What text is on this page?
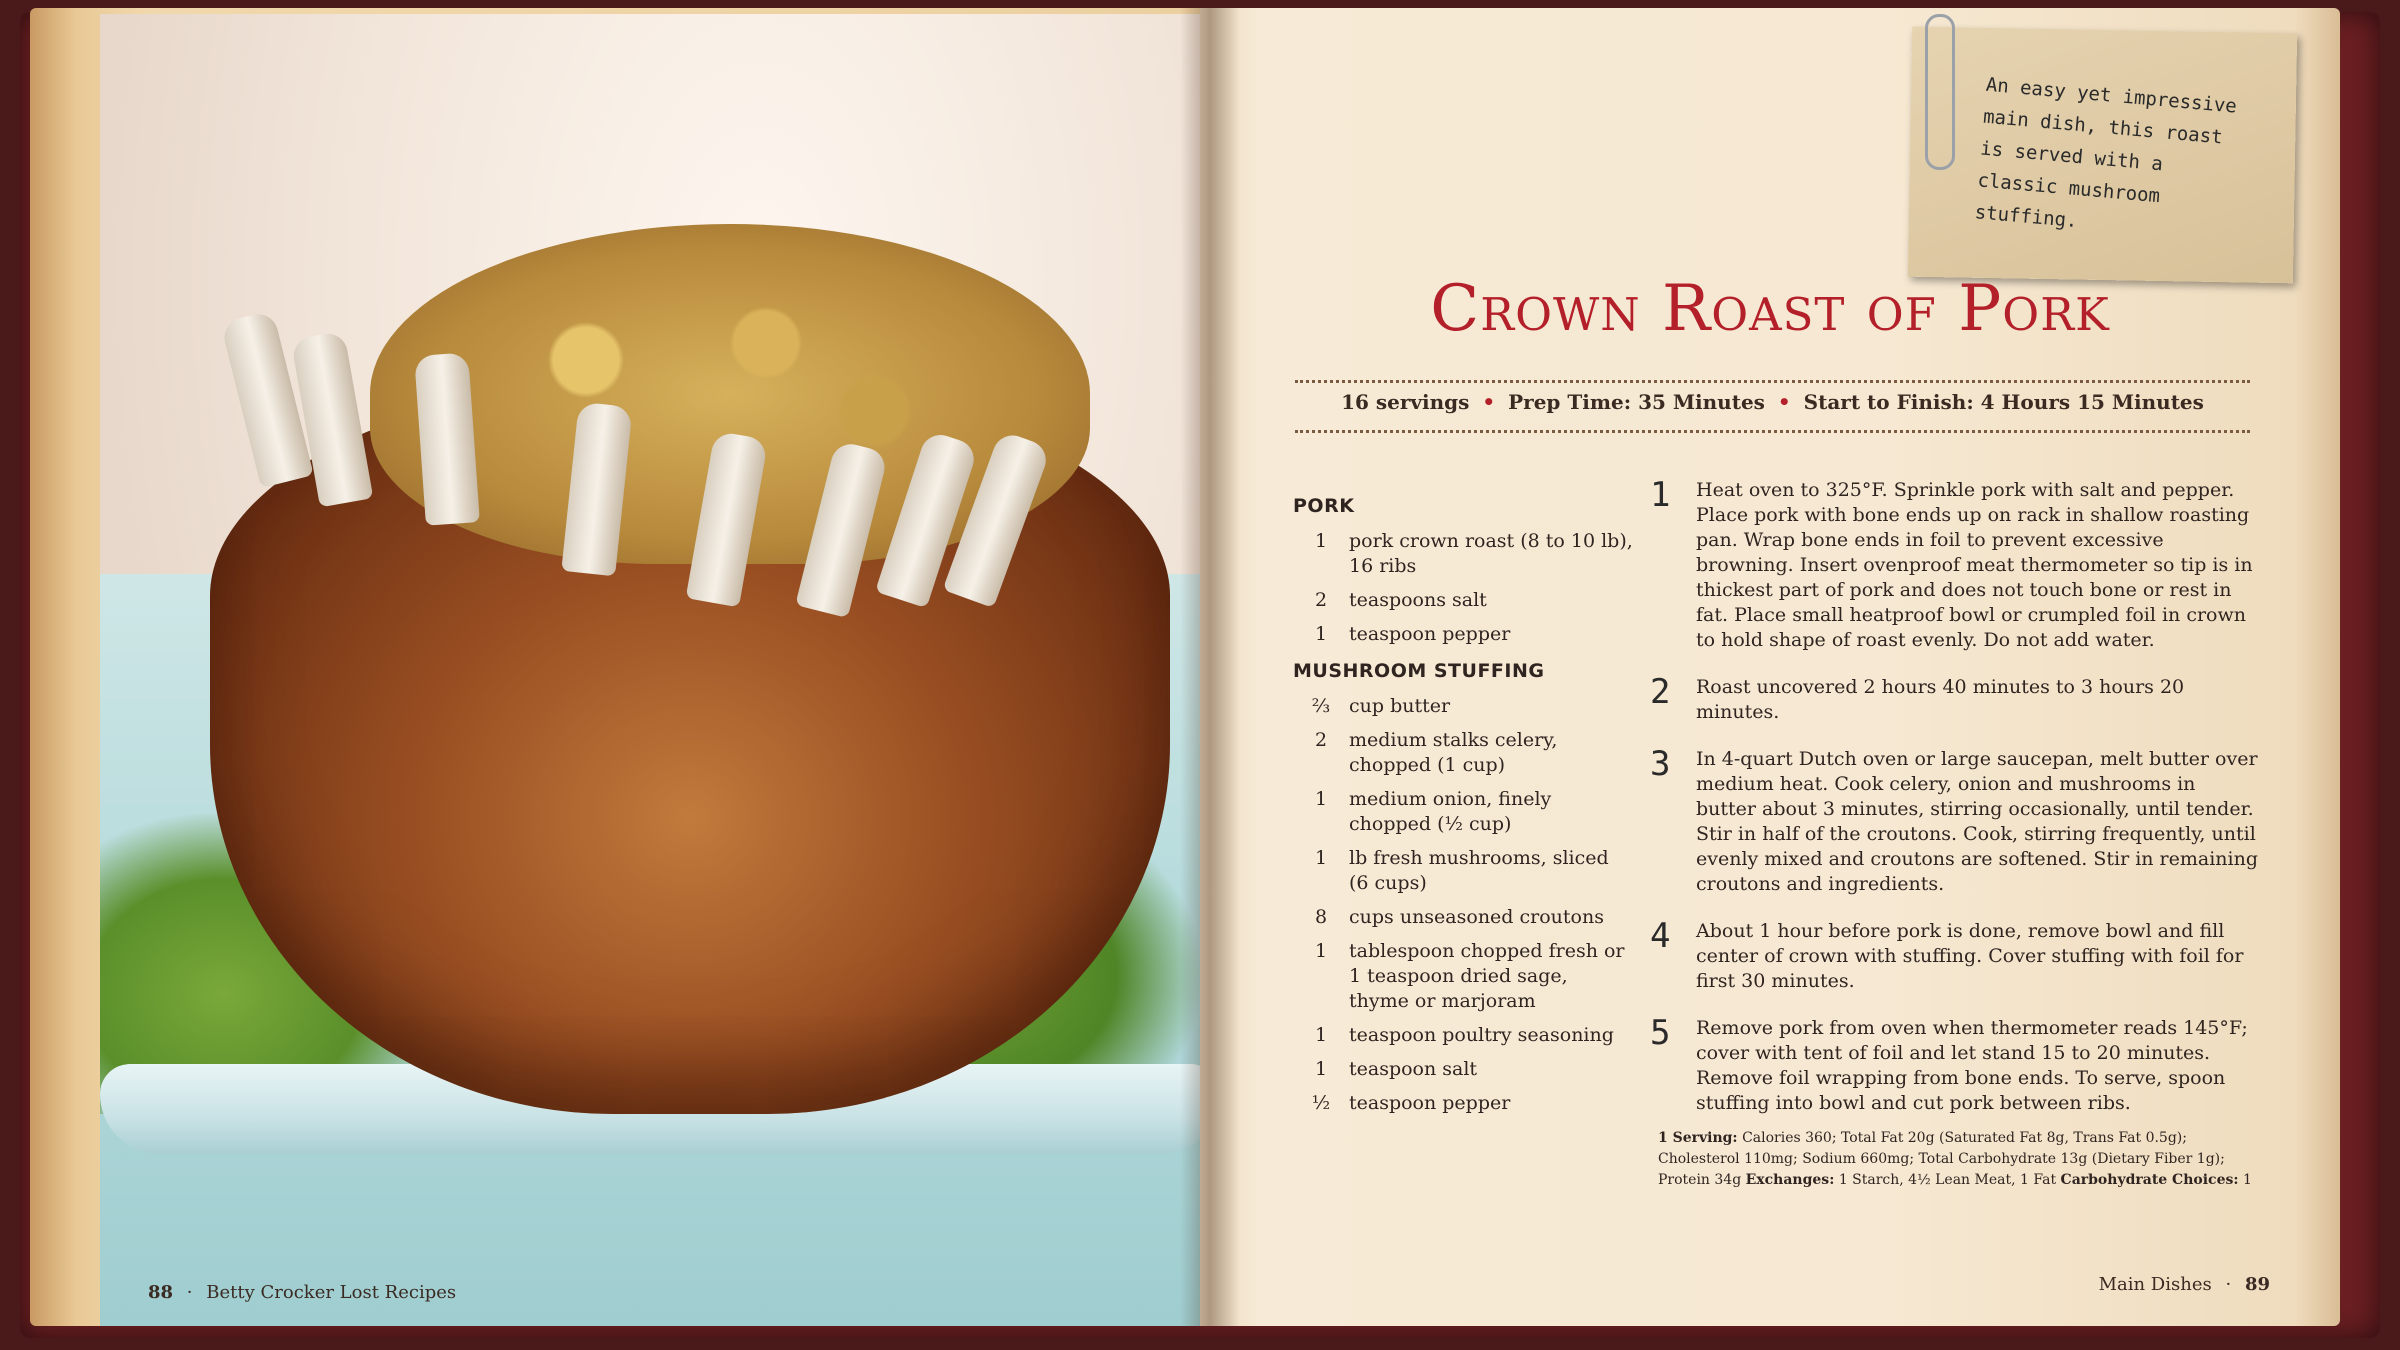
88 · Betty Crocker Lost Recipes
An easy yet impressive main dish, this roast is served with a classic mushroom stuffing.
Crown Roast of Pork
16 servings • Prep Time: 35 Minutes • Start to Finish: 4 Hours 15 Minutes
PORK
1	pork crown roast (8 to 10 lb), 16 ribs
2	teaspoons salt
1	teaspoon pepper
MUSHROOM STUFFING
⅔ cup butter
2	medium stalks celery, chopped (1 cup)
1	medium onion, finely chopped (½ cup)
1	lb fresh mushrooms, sliced (6 cups)
8	cups unseasoned croutons
1	tablespoon chopped fresh or 1 teaspoon dried sage, thyme or marjoram
1	teaspoon poultry seasoning
1	teaspoon salt
½ teaspoon pepper
1	Heat oven to 325°F. Sprinkle pork with salt and pepper. Place pork with bone ends up on rack in shallow roasting pan. Wrap bone ends in foil to prevent excessive browning. Insert ovenproof meat thermometer so tip is in thickest part of pork and does not touch bone or rest in fat. Place small heatproof bowl or crumpled foil in crown to hold shape of roast evenly. Do not add water.
2	Roast uncovered 2 hours 40 minutes to 3 hours 20 minutes.
3	In 4-quart Dutch oven or large saucepan, melt butter over medium heat. Cook celery, onion and mushrooms in butter about 3 minutes, stirring occasionally, until tender. Stir in half of the croutons. Cook, stirring frequently, until evenly mixed and croutons are softened. Stir in remaining croutons and ingredients.
4	About 1 hour before pork is done, remove bowl and fill center of crown with stuffing. Cover stuffing with foil for first 30 minutes.
5	Remove pork from oven when thermometer reads 145°F; cover with tent of foil and let stand 15 to 20 minutes. Remove foil wrapping from bone ends. To serve, spoon stuffing into bowl and cut pork between ribs.
1 Serving: Calories 360; Total Fat 20g (Saturated Fat 8g, Trans Fat 0.5g); Cholesterol 110mg; Sodium 660mg; Total Carbohydrate 13g (Dietary Fiber 1g); Protein 34g Exchanges: 1 Starch, 4½ Lean Meat, 1 Fat Carbohydrate Choices: 1
Main Dishes · 89
